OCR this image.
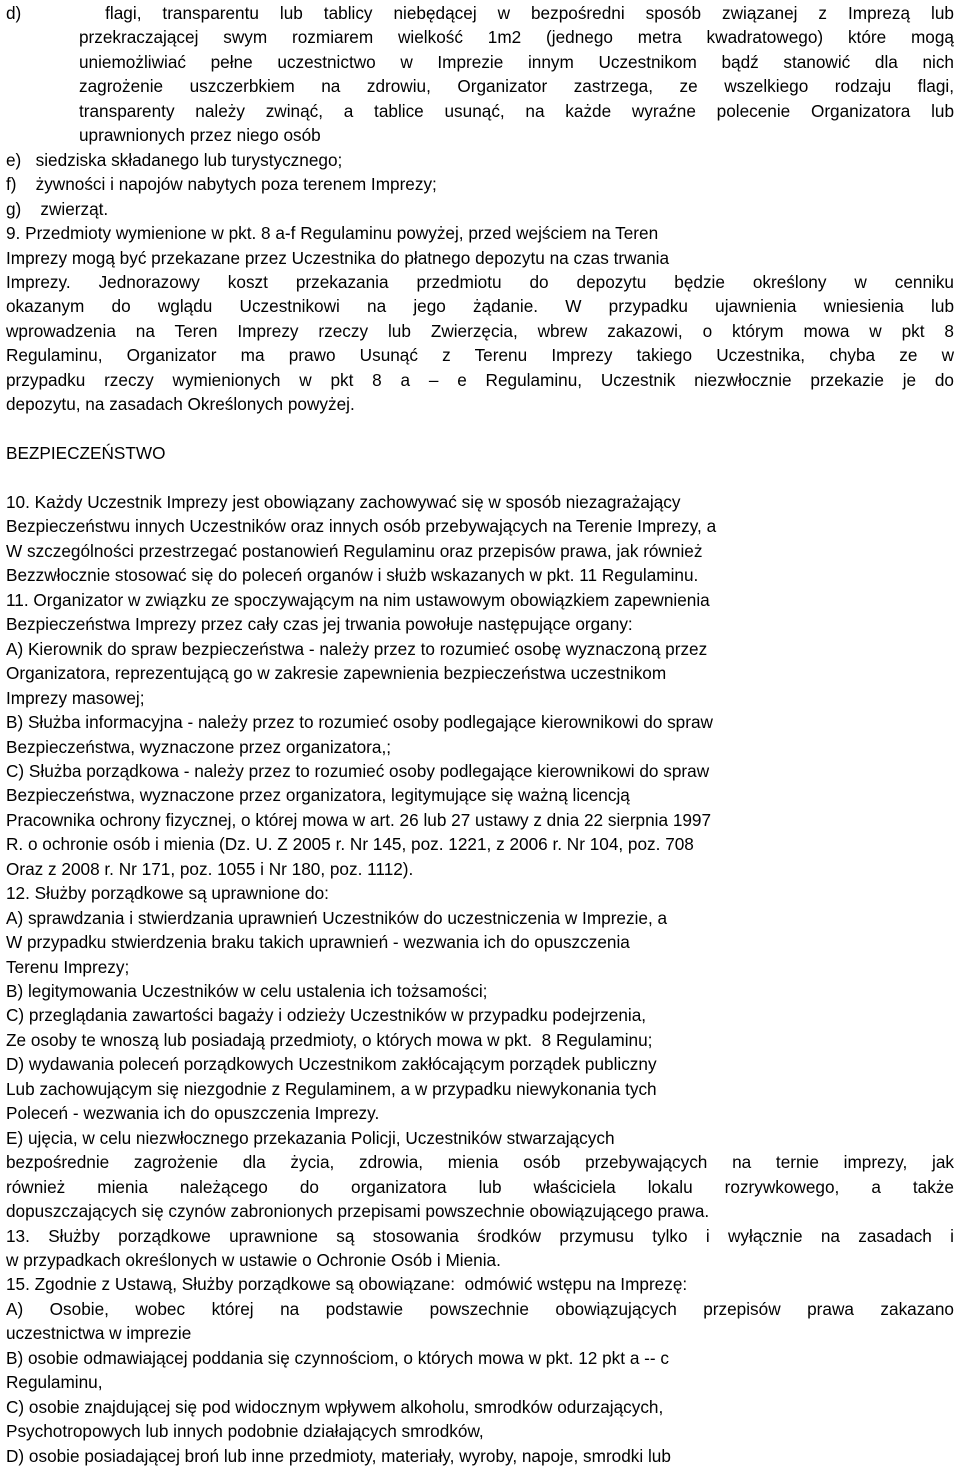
d)    flagi, transparentu lub tablicy niebędącej w bezpośredni sposób związanej z Imprezą lub
przekraczającej swym rozmiarem wielkość 1m2 (jednego metra kwadratowego) które mogą
uniemożliwiać pełne uczestnictwo w Imprezie innym Uczestnikom bądź stanowić dla nich
zagrożenie uszczerbkiem na zdrowiu, Organizator zastrzega, ze wszelkiego rodzaju flagi,
transparenty należy zwinąć, a tablice usunąć, na każde wyraźne polecenie Organizatora lub
uprawnionych przez niego osób
e)   siedziska składanego lub turystycznego;
f)    żywności i napojów nabytych poza terenem Imprezy;
g)    zwierząt.
9. Przedmioty wymienione w pkt. 8 a-f Regulaminu powyżej, przed wejściem na Teren
Imprezy mogą być przekazane przez Uczestnika do płatnego depozytu na czas trwania
Imprezy. Jednorazowy koszt przekazania przedmiotu do depozytu będzie określony w cenniku
okazanym do wglądu Uczestnikowi na jego żądanie. W przypadku ujawnienia wniesienia lub
wprowadzenia na Teren Imprezy rzeczy lub Zwierzęcia, wbrew zakazowi, o którym mowa w pkt 8
Regulaminu, Organizator ma prawo Usunąć z Terenu Imprezy takiego Uczestnika, chyba ze w
przypadku rzeczy wymienionych w pkt 8 a – e Regulaminu, Uczestnik niezwłocznie przekazie je do
depozytu, na zasadach Określonych powyżej.
BEZPIECZEŃSTWO
10. Każdy Uczestnik Imprezy jest obowiązany zachowywać się w sposób niezagrażający
Bezpieczeństwu innych Uczestników oraz innych osób przebywających na Terenie Imprezy, a
W szczególności przestrzegać postanowień Regulaminu oraz przepisów prawa, jak również
Bezzwłocznie stosować się do poleceń organów i służb wskazanych w pkt. 11 Regulaminu.
11. Organizator w związku ze spoczywającym na nim ustawowym obowiązkiem zapewnienia
Bezpieczeństwa Imprezy przez cały czas jej trwania powołuje następujące organy:
A) Kierownik do spraw bezpieczeństwa - należy przez to rozumieć osobę wyznaczoną przez
Organizatora, reprezentującą go w zakresie zapewnienia bezpieczeństwa uczestnikom
Imprezy masowej;
B) Służba informacyjna - należy przez to rozumieć osoby podlegające kierownikowi do spraw
Bezpieczeństwa, wyznaczone przez organizatora,;
C) Służba porządkowa - należy przez to rozumieć osoby podlegające kierownikowi do spraw
Bezpieczeństwa, wyznaczone przez organizatora, legitymujące się ważną licencją
Pracownika ochrony fizycznej, o której mowa w art. 26 lub 27 ustawy z dnia 22 sierpnia 1997
R. o ochronie osób i mienia (Dz. U. Z 2005 r. Nr 145, poz. 1221, z 2006 r. Nr 104, poz. 708
Oraz z 2008 r. Nr 171, poz. 1055 i Nr 180, poz. 1112).
12. Służby porządkowe są uprawnione do:
A) sprawdzania i stwierdzania uprawnień Uczestników do uczestniczenia w Imprezie, a
W przypadku stwierdzenia braku takich uprawnień - wezwania ich do opuszczenia
Terenu Imprezy;
B) legitymowania Uczestników w celu ustalenia ich tożsamości;
C) przeglądania zawartości bagaży i odzieży Uczestników w przypadku podejrzenia,
Ze osoby te wnoszą lub posiadają przedmioty, o których mowa w pkt.  8 Regulaminu;
D) wydawania poleceń porządkowych Uczestnikom zakłócającym porządek publiczny
Lub zachowującym się niezgodnie z Regulaminem, a w przypadku niewykonania tych
Poleceń - wezwania ich do opuszczenia Imprezy.
E) ujęcia, w celu niezwłocznego przekazania Policji, Uczestników stwarzających
bezpośrednie zagrożenie dla życia, zdrowia, mienia osób przebywających na ternie imprezy, jak
również mienia należącego do organizatora lub właściciela lokalu rozrywkowego, a także
dopuszczających się czynów zabronionych przepisami powszechnie obowiązującego prawa.
13. Służby porządkowe uprawnione są stosowania środków przymusu tylko i wyłącznie na zasadach i
w przypadkach określonych w ustawie o Ochronie Osób i Mienia.
15. Zgodnie z Ustawą, Służby porządkowe są obowiązane:  odmówić wstępu na Imprezę:
A) Osobie, wobec której na podstawie powszechnie obowiązujących przepisów prawa zakazano
uczestnictwa w imprezie
B) osobie odmawiającej poddania się czynnościom, o których mowa w pkt. 12 pkt a -- c
Regulaminu,
C) osobie znajdującej się pod widocznym wpływem alkoholu, smrodków odurzających,
Psychotropowych lub innych podobnie działających smrodków,
D) osobie posiadającej broń lub inne przedmioty, materiały, wyroby, napoje, smrodki lub
